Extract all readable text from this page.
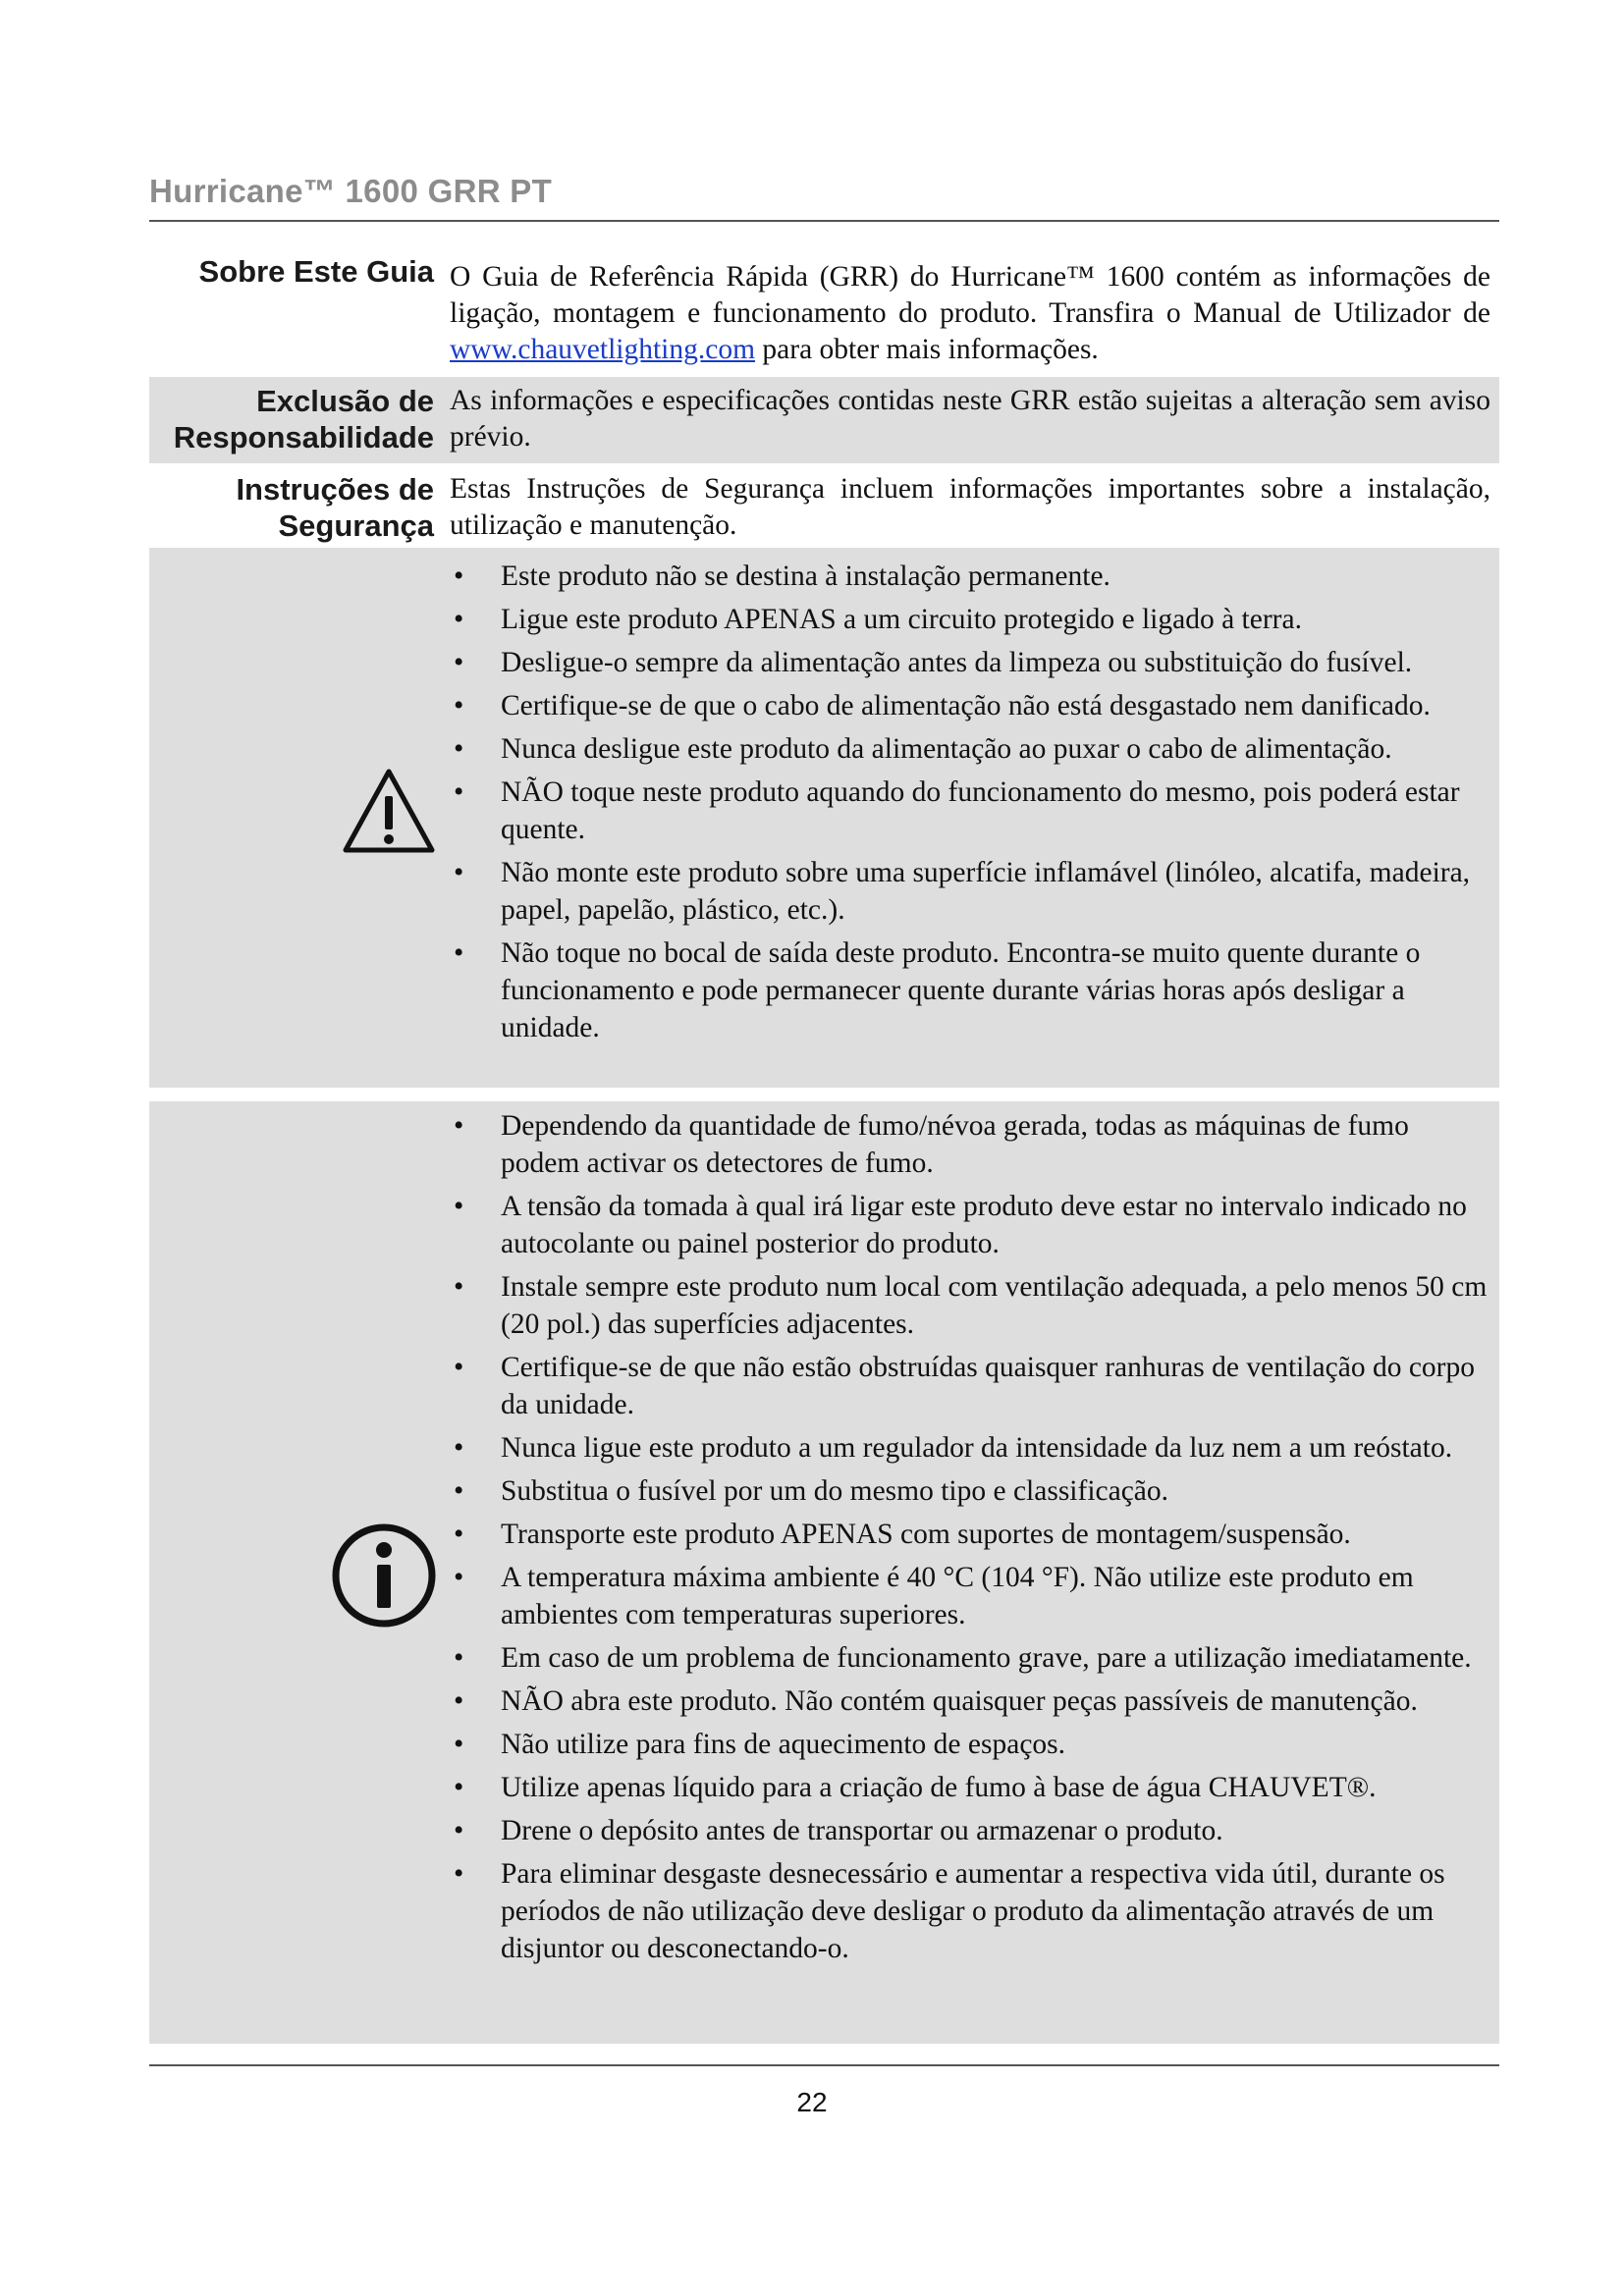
Hurricane™ 1600 GRR PT
Sobre Este Guia O Guia de Referência Rápida (GRR) do Hurricane™ 1600 contém as informações de ligação, montagem e funcionamento do produto. Transfira o Manual de Utilizador de www.chauvetlighting.com para obter mais informações.
Exclusão de
Responsabilidade
As informações e especificações contidas neste GRR estão sujeitas a alteração sem aviso prévio.
Instruções de
Segurança
Estas Instruções de Segurança incluem informações importantes sobre a instalação, utilização e manutenção.
• Este produto não se destina à instalação permanente.
• Ligue este produto APENAS a um circuito protegido e ligado à terra.
• Desligue-o sempre da alimentação antes da limpeza ou substituição do fusível.
• Certifique-se de que o cabo de alimentação não está desgastado nem danificado.
• Nunca desligue este produto da alimentação ao puxar o cabo de alimentação.
• NÃO toque neste produto aquando do funcionamento do mesmo, pois poderá estar quente.
• Não monte este produto sobre uma superfície inflamável (linóleo, alcatifa, madeira, papel, papelão, plástico, etc.).
• Não toque no bocal de saída deste produto. Encontra-se muito quente durante o funcionamento e pode permanecer quente durante várias horas após desligar a unidade.
• Dependendo da quantidade de fumo/névoa gerada, todas as máquinas de fumo podem activar os detectores de fumo.
• A tensão da tomada à qual irá ligar este produto deve estar no intervalo indicado no autocolante ou painel posterior do produto.
• Instale sempre este produto num local com ventilação adequada, a pelo menos 50 cm (20 pol.) das superfícies adjacentes.
• Certifique-se de que não estão obstruídas quaisquer ranhuras de ventilação do corpo da unidade.
• Nunca ligue este produto a um regulador da intensidade da luz nem a um reóstato.
• Substitua o fusível por um do mesmo tipo e classificação.
• Transporte este produto APENAS com suportes de montagem/suspensão.
• A temperatura máxima ambiente é 40 °C (104 °F). Não utilize este produto em ambientes com temperaturas superiores.
• Em caso de um problema de funcionamento grave, pare a utilização imediatamente.
• NÃO abra este produto. Não contém quaisquer peças passíveis de manutenção.
• Não utilize para fins de aquecimento de espaços.
• Utilize apenas líquido para a criação de fumo à base de água CHAUVET®.
• Drene o depósito antes de transportar ou armazenar o produto.
• Para eliminar desgaste desnecessário e aumentar a respectiva vida útil, durante os períodos de não utilização deve desligar o produto da alimentação através de um disjuntor ou desconectando-o.
22
